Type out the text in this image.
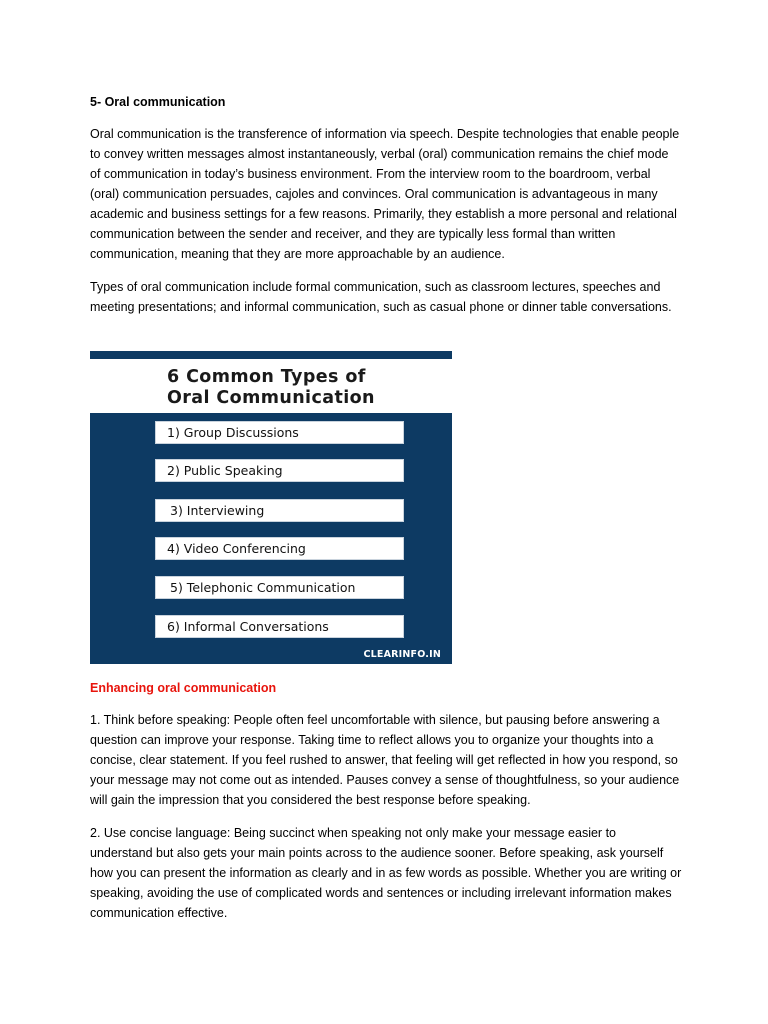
5- Oral communication
Oral communication is the transference of information via speech. Despite technologies that enable people to convey written messages almost instantaneously, verbal (oral) communication remains the chief mode of communication in today’s business environment. From the interview room to the boardroom, verbal (oral) communication persuades, cajoles and convinces. Oral communication is advantageous in many academic and business settings for a few reasons. Primarily, they establish a more personal and relational communication between the sender and receiver, and they are typically less formal than written communication, meaning that they are more approachable by an audience.
Types of oral communication include formal communication, such as classroom lectures, speeches and meeting presentations; and informal communication, such as casual phone or dinner table conversations.
6 Common Types of
Oral Communication
1) Group Discussions
2) Public Speaking
3) Interviewing
4) Video Conferencing
5) Telephonic Communication
6) Informal Conversations
CLEARINFO.IN
Enhancing oral communication
1. Think before speaking: People often feel uncomfortable with silence, but pausing before answering a question can improve your response. Taking time to reflect allows you to organize your thoughts into a concise, clear statement. If you feel rushed to answer, that feeling will get reflected in how you respond, so your message may not come out as intended. Pauses convey a sense of thoughtfulness, so your audience will gain the impression that you considered the best response before speaking.
2. Use concise language: Being succinct when speaking not only make your message easier to understand but also gets your main points across to the audience sooner. Before speaking, ask yourself how you can present the information as clearly and in as few words as possible. Whether you are writing or speaking, avoiding the use of complicated words and sentences or including irrelevant information makes communication effective.
